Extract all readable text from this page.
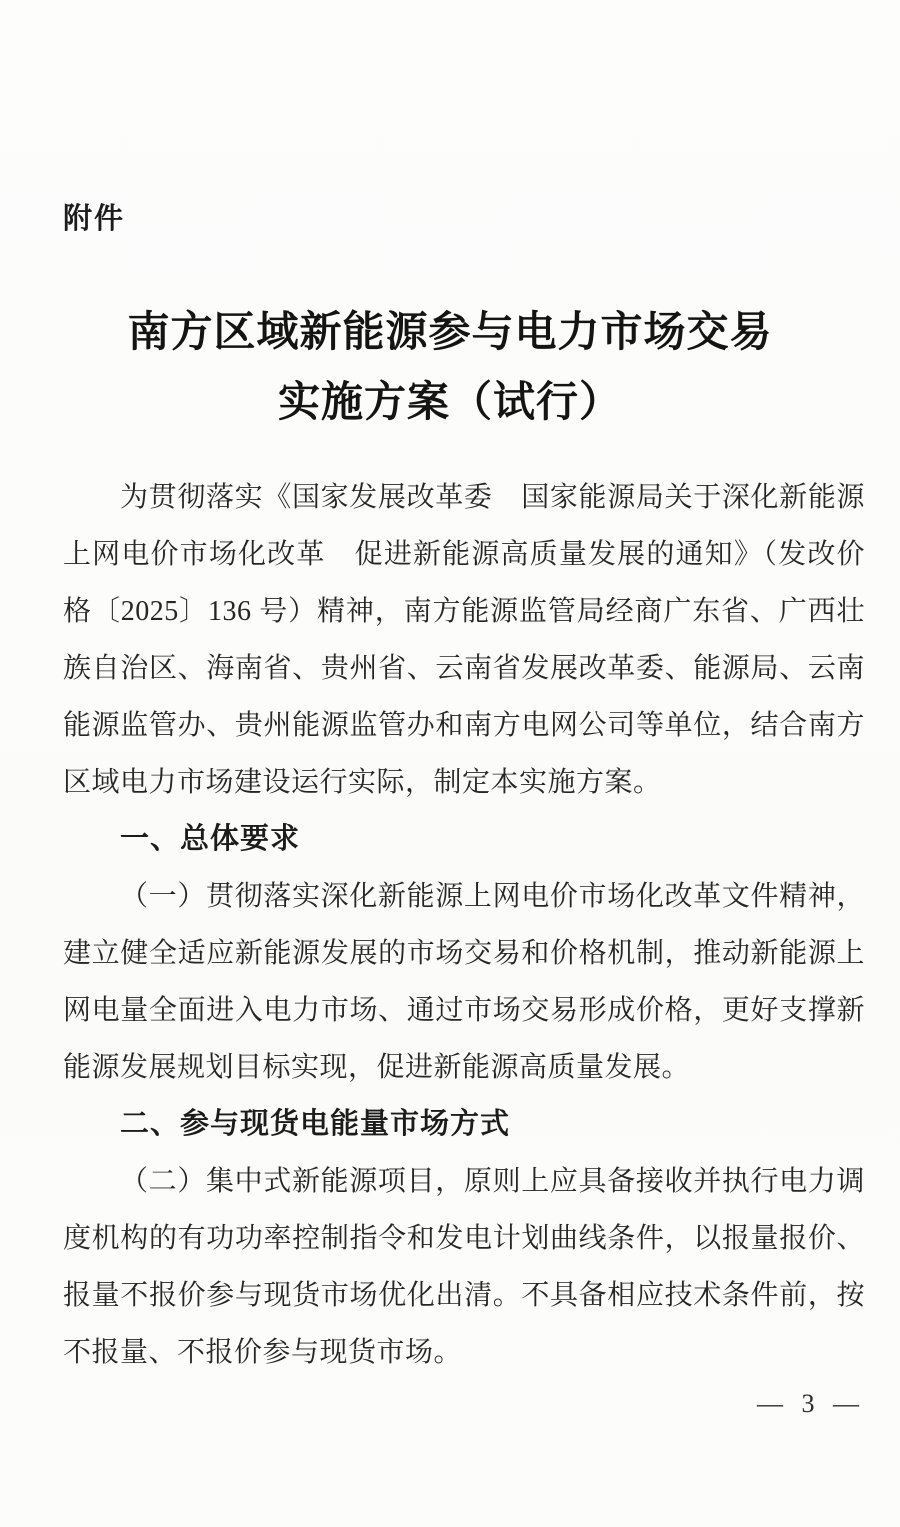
附件
南方区域新能源参与电力市场交易
实施方案（试行）
为贯彻落实《国家发展改革委　国家能源局关于深化新能源
上网电价市场化改革　促进新能源高质量发展的通知》（发改价
格〔2025〕136 号）精神，南方能源监管局经商广东省、广西壮
族自治区、海南省、贵州省、云南省发展改革委、能源局、云南
能源监管办、贵州能源监管办和南方电网公司等单位，结合南方
区域电力市场建设运行实际，制定本实施方案。
一、总体要求
（一）贯彻落实深化新能源上网电价市场化改革文件精神，
建立健全适应新能源发展的市场交易和价格机制，推动新能源上
网电量全面进入电力市场、通过市场交易形成价格，更好支撑新
能源发展规划目标实现，促进新能源高质量发展。
二、参与现货电能量市场方式
（二）集中式新能源项目，原则上应具备接收并执行电力调
度机构的有功功率控制指令和发电计划曲线条件，以报量报价、
报量不报价参与现货市场优化出清。不具备相应技术条件前，按
不报量、不报价参与现货市场。
— 3 —
